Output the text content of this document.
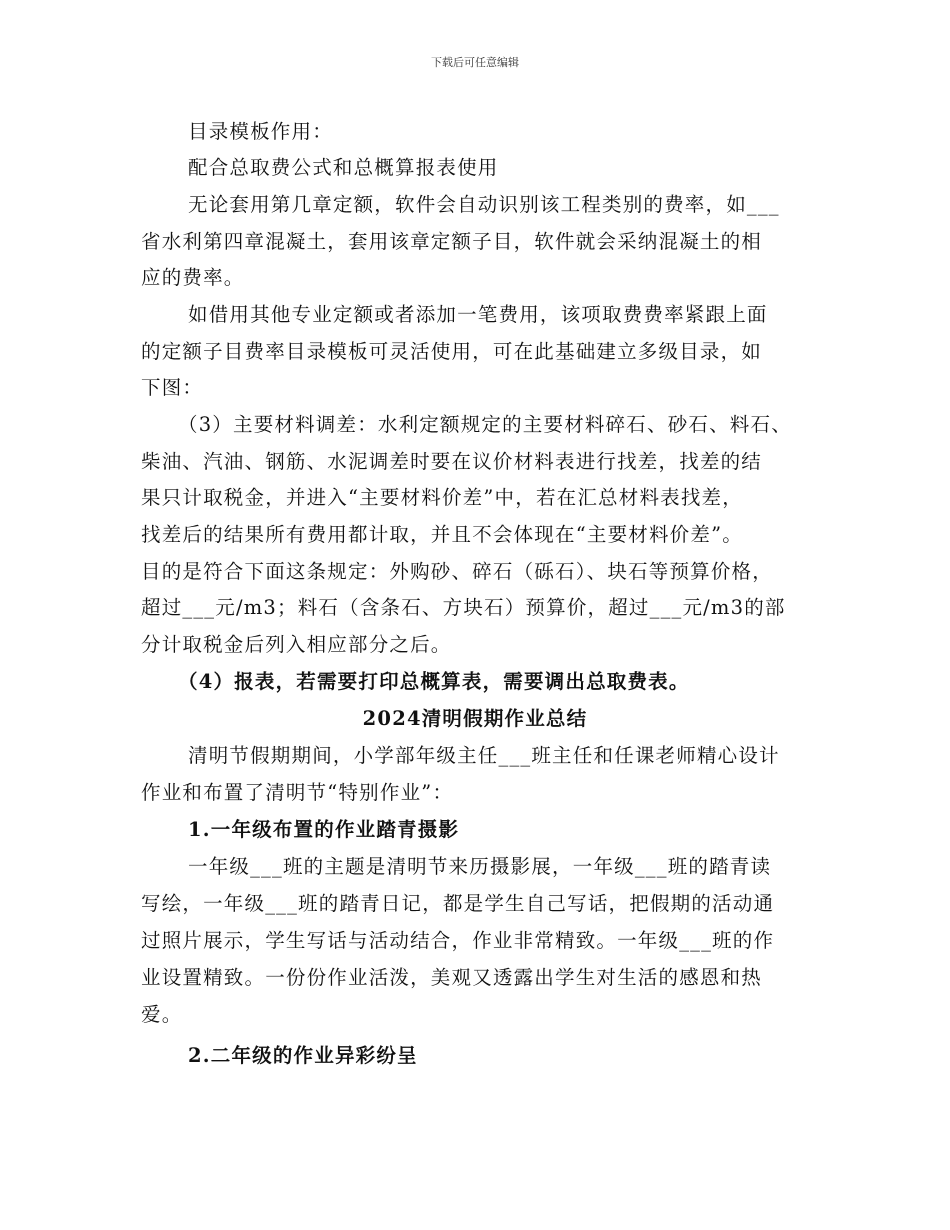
下载后可任意编辑
目录模板作用：
配合总取费公式和总概算报表使用
无论套用第几章定额，软件会自动识别该工程类别的费率，如___
省水利第四章混凝土，套用该章定额子目，软件就会采纳混凝土的相
应的费率。
如借用其他专业定额或者添加一笔费用，该项取费费率紧跟上面
的定额子目费率目录模板可灵活使用，可在此基础建立多级目录，如
下图：
（3）主要材料调差：水利定额规定的主要材料碎石、砂石、料石、
柴油、汽油、钢筋、水泥调差时要在议价材料表进行找差，找差的结
果只计取税金，并进入“主要材料价差”中，若在汇总材料表找差，
找差后的结果所有费用都计取，并且不会体现在“主要材料价差”。
目的是符合下面这条规定：外购砂、碎石（砾石）、块石等预算价格，
超过___元/m3；料石（含条石、方块石）预算价，超过___元/m3的部
分计取税金后列入相应部分之后。
（4）报表，若需要打印总概算表，需要调出总取费表。
2024清明假期作业总结
清明节假期期间，小学部年级主任___班主任和任课老师精心设计
作业和布置了清明节“特别作业”：
1.一年级布置的作业踏青摄影
一年级___班的主题是清明节来历摄影展，一年级___班的踏青读
写绘，一年级___班的踏青日记，都是学生自己写话，把假期的活动通
过照片展示，学生写话与活动结合，作业非常精致。一年级___班的作
业设置精致。一份份作业活泼，美观又透露出学生对生活的感恩和热
爱。
2.二年级的作业异彩纷呈
